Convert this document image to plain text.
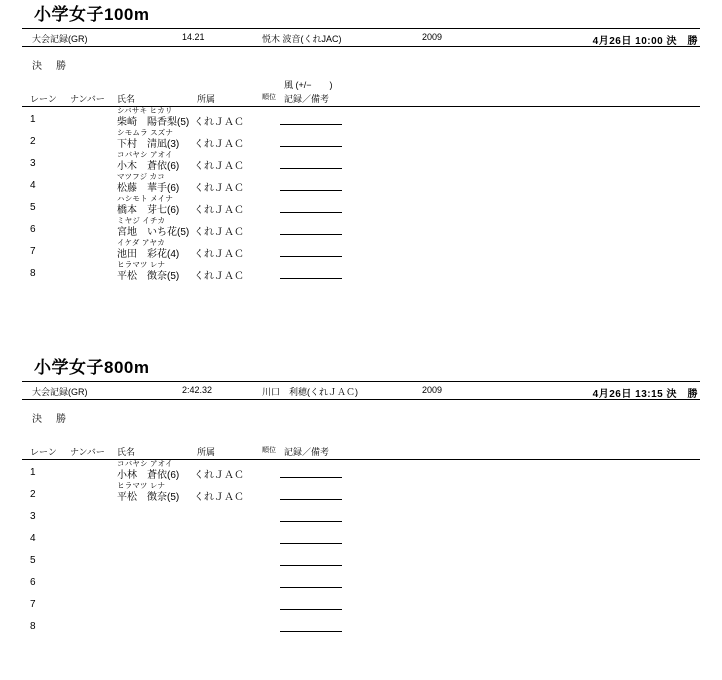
小学女子100m
大会記録(GR)	14.21	悦木 波音(くれJAC)	2009	4月26日 10:00 決　勝
決　勝
風 (+/−　　)
レーン ナンバー 氏名	所属	順位 記録／備考
シバサキ ヒカリ
1	柴崎　陽香梨(5) くれＪＡＣ
シモムラ スズナ
2	下村　清凪(3) くれＪＡＣ
コバヤシ アオイ
3	小木　蒼依(6) くれＪＡＣ
マツフジ カコ
4	松藤　華手(6) くれＪＡＣ
ハシモト メイナ
5	橋本　芽七(6) くれＪＡＣ
ミヤジ イチカ
6	宮地　いち花(5) くれＪＡＣ
イケダ アヤカ
7	池田　彩花(4) くれＪＡＣ
ヒラマツ レナ
8	平松　徴奈(5) くれＪＡＣ
小学女子800m
大会記録(GR)	2:42.32	川口　利穂(くれＪＡＣ)	2009	4月26日 13:15 決　勝
決　勝
レーン ナンバー 氏名	所属	順位 記録／備考
コバヤシ アオイ
1	小林　蒼依(6) くれＪＡＣ
ヒラマツ レナ
2	平松　徴奈(5) くれＪＡＣ
3
4
5
6
7
8
